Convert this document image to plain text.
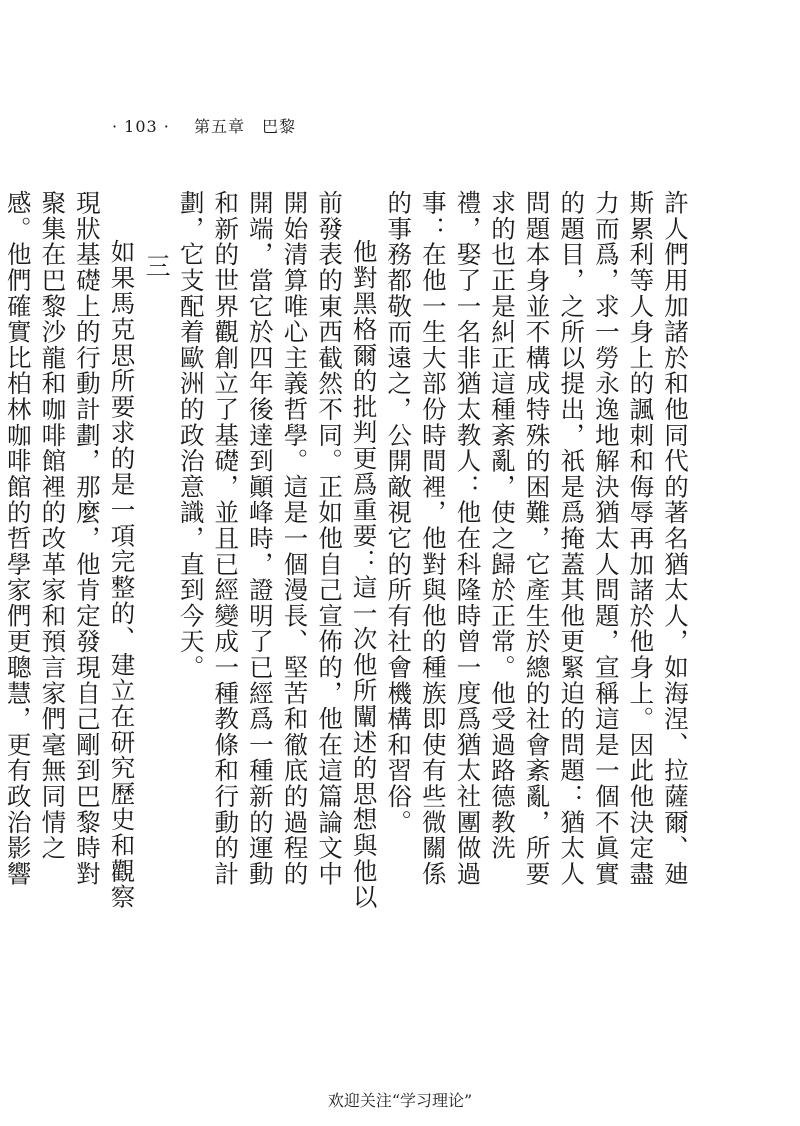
· 103 · 第五章　巴黎

許人們用加諸於和他同代的著名猶太人，如海涅、拉薩爾、廸斯累利等人身上的諷刺和侮辱再加諸於他身上。因此他決定盡力而爲，求一勞永逸地解決猶太人問題，宣稱這是一個不眞實的題目，之所以提出，祇是爲掩蓋其他更緊迫的問題：猶太人問題本身並不構成特殊的困難，它產生於總的社會紊亂，所要求的也正是糾正這種紊亂，使之歸於正常。他受過路德教洗禮，娶了一名非猶太教人：他在科隆時曾一度爲猶太社團做過事：在他一生大部份時間裡，他對與他的種族即使有些微關係的事務都敬而遠之，公開敵視它的所有社會機構和習俗。

他對黑格爾的批判更爲重要：這一次他所闡述的思想與他以前發表的東西截然不同。正如他自己宣佈的，他在這篇論文中開始清算唯心主義哲學。這是一個漫長、堅苦和徹底的過程的開端，當它於四年後達到顚峰時，證明了已經爲一種新的運動和新的世界觀創立了基礎，並且已經變成一種教條和行動的計劃，它支配着歐洲的政治意識，直到今天。

三

如果馬克思所要求的是一項完整的、建立在研究歷史和觀察現狀基礎上的行動計劃，那麼，他肯定發現自己剛到巴黎時對聚集在巴黎沙龍和咖啡館裡的改革家和預言家們毫無同情之感。他們確實比柏林咖啡館的哲學家們更聰慧，更有政治影響

欢迎关注“学习理论”
